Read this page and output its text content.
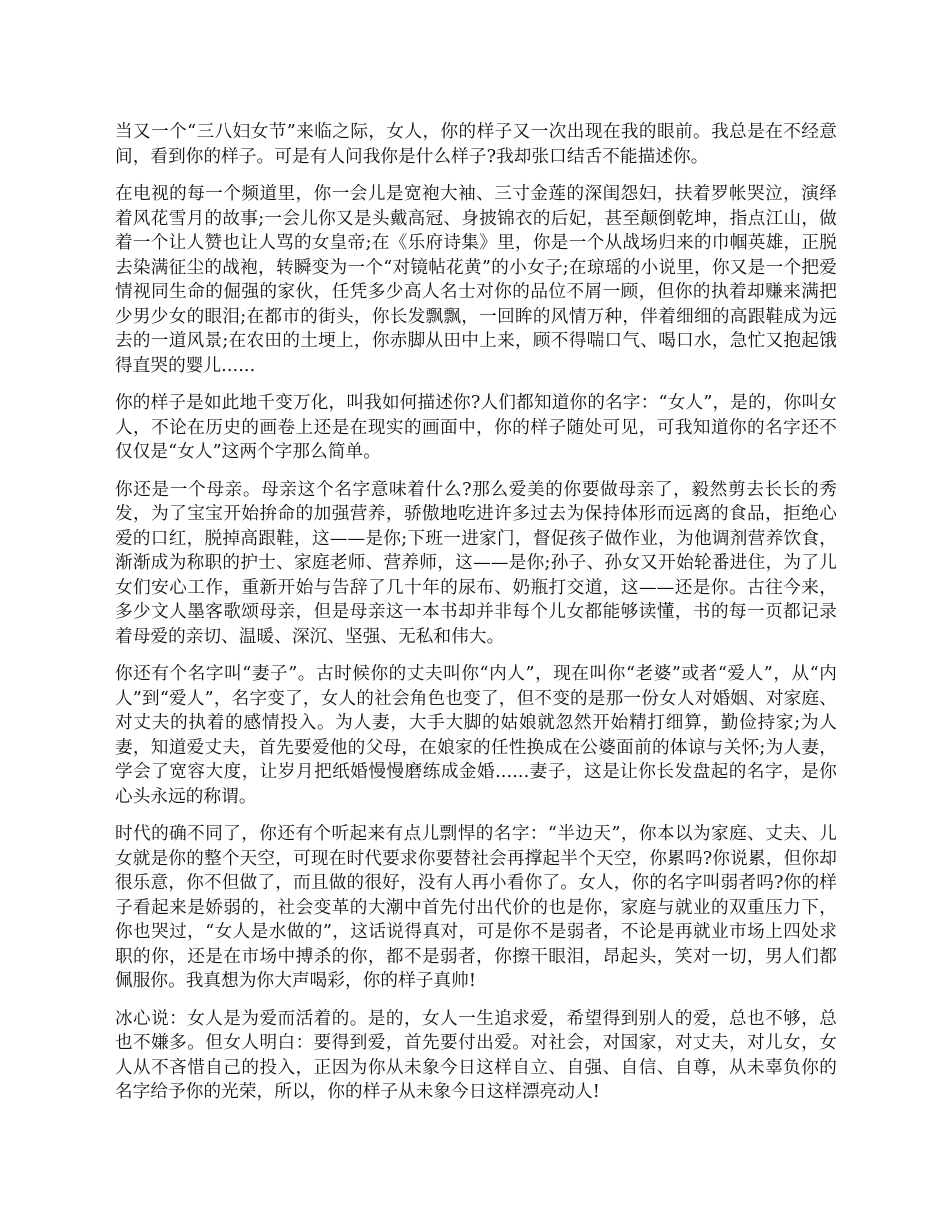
当又一个“三八妇女节”来临之际，女人，你的样子又一次出现在我的眼前。我总是在不经意间，看到你的样子。可是有人问我你是什么样子?我却张口结舌不能描述你。

在电视的每一个频道里，你一会儿是宽袍大袖、三寸金莲的深闺怨妇，扶着罗帐哭泣，演绎着风花雪月的故事;一会儿你又是头戴高冠、身披锦衣的后妃，甚至颠倒乾坤，指点江山，做着一个让人赞也让人骂的女皇帝;在《乐府诗集》里，你是一个从战场归来的巾帼英雄，正脱去染满征尘的战袍，转瞬变为一个“对镜帖花黄”的小女子;在琼瑶的小说里，你又是一个把爱情视同生命的倔强的家伙，任凭多少高人名士对你的品位不屑一顾，但你的执着却赚来满把少男少女的眼泪;在都市的街头，你长发飘飘，一回眸的风情万种，伴着细细的高跟鞋成为远去的一道风景;在农田的土埂上，你赤脚从田中上来，顾不得喘口气、喝口水，急忙又抱起饿得直哭的婴儿......

你的样子是如此地千变万化，叫我如何描述你?人们都知道你的名字：“女人”，是的，你叫女人，不论在历史的画卷上还是在现实的画面中，你的样子随处可见，可我知道你的名字还不仅仅是“女人”这两个字那么简单。

你还是一个母亲。母亲这个名字意味着什么?那么爱美的你要做母亲了，毅然剪去长长的秀发，为了宝宝开始拚命的加强营养，骄傲地吃进许多过去为保持体形而远离的食品，拒绝心爱的口红，脱掉高跟鞋，这——是你;下班一进家门，督促孩子做作业，为他调剂营养饮食，渐渐成为称职的护士、家庭老师、营养师，这——是你;孙子、孙女又开始轮番进住，为了儿女们安心工作，重新开始与告辞了几十年的尿布、奶瓶打交道，这——还是你。古往今来，多少文人墨客歌颂母亲，但是母亲这一本书却并非每个儿女都能够读懂，书的每一页都记录着母爱的亲切、温暖、深沉、坚强、无私和伟大。

你还有个名字叫“妻子”。古时候你的丈夫叫你“内人”，现在叫你“老婆”或者“爱人”，从“内人”到“爱人”，名字变了，女人的社会角色也变了，但不变的是那一份女人对婚姻、对家庭、对丈夫的执着的感情投入。为人妻，大手大脚的姑娘就忽然开始精打细算，勤俭持家;为人妻，知道爱丈夫，首先要爱他的父母，在娘家的任性换成在公婆面前的体谅与关怀;为人妻，学会了宽容大度，让岁月把纸婚慢慢磨练成金婚......妻子，这是让你长发盘起的名字，是你心头永远的称谓。

时代的确不同了，你还有个听起来有点儿剽悍的名字：“半边天”，你本以为家庭、丈夫、儿女就是你的整个天空，可现在时代要求你要替社会再撑起半个天空，你累吗?你说累，但你却很乐意，你不但做了，而且做的很好，没有人再小看你了。女人，你的名字叫弱者吗?你的样子看起来是娇弱的，社会变革的大潮中首先付出代价的也是你，家庭与就业的双重压力下，你也哭过，“女人是水做的”，这话说得真对，可是你不是弱者，不论是再就业市场上四处求职的你，还是在市场中搏杀的你，都不是弱者，你擦干眼泪，昂起头，笑对一切，男人们都佩服你。我真想为你大声喝彩，你的样子真帅!

冰心说：女人是为爱而活着的。是的，女人一生追求爱，希望得到别人的爱，总也不够，总也不嫌多。但女人明白：要得到爱，首先要付出爱。对社会，对国家，对丈夫，对儿女，女人从不吝惜自己的投入，正因为你从未象今日这样自立、自强、自信、自尊，从未辜负你的名字给予你的光荣，所以，你的样子从未象今日这样漂亮动人!
